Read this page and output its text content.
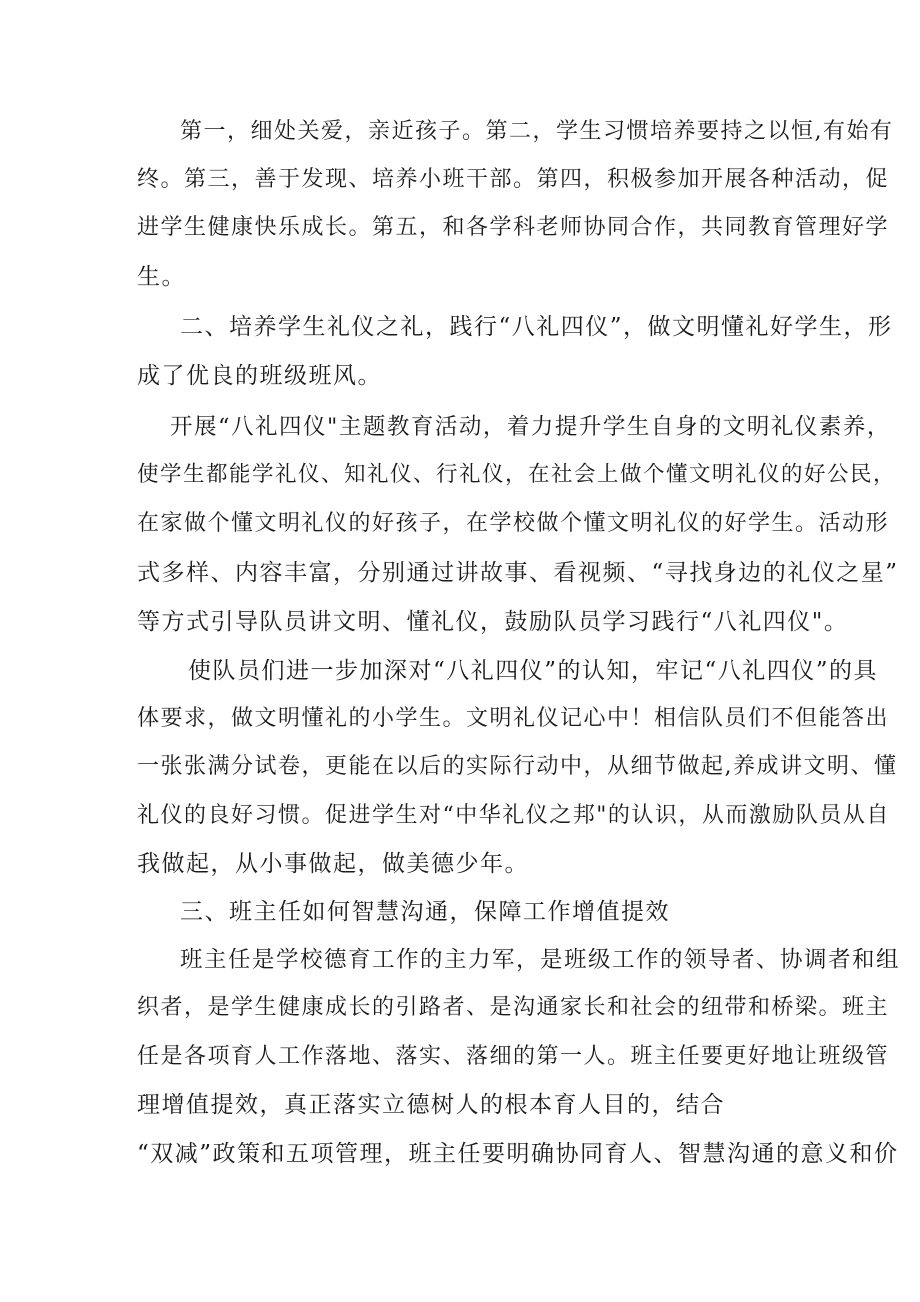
第一，细处关爱，亲近孩子。第二，学生习惯培养要持之以恒,有始有
终。第三，善于发现、培养小班干部。第四，积极参加开展各种活动，促
进学生健康快乐成长。第五，和各学科老师协同合作，共同教育管理好学
生。
二、培养学生礼仪之礼，践行“八礼四仪”，做文明懂礼好学生，形
成了优良的班级班风。
开展“八礼四仪"主题教育活动，着力提升学生自身的文明礼仪素养，
使学生都能学礼仪、知礼仪、行礼仪，在社会上做个懂文明礼仪的好公民，
在家做个懂文明礼仪的好孩子，在学校做个懂文明礼仪的好学生。活动形
式多样、内容丰富，分别通过讲故事、看视频、“寻找身边的礼仪之星”
等方式引导队员讲文明、懂礼仪，鼓励队员学习践行“八礼四仪"。
使队员们进一步加深对“八礼四仪”的认知，牢记“八礼四仪”的具
体要求，做文明懂礼的小学生。文明礼仪记心中！相信队员们不但能答出
一张张满分试卷，更能在以后的实际行动中，从细节做起,养成讲文明、懂
礼仪的良好习惯。促进学生对“中华礼仪之邦"的认识，从而激励队员从自
我做起，从小事做起，做美德少年。
三、班主任如何智慧沟通，保障工作增值提效
班主任是学校德育工作的主力军，是班级工作的领导者、协调者和组
织者，是学生健康成长的引路者、是沟通家长和社会的纽带和桥梁。班主
任是各项育人工作落地、落实、落细的第一人。班主任要更好地让班级管
理增值提效，真正落实立德树人的根本育人目的，结合
“双减”政策和五项管理，班主任要明确协同育人、智慧沟通的意义和价
